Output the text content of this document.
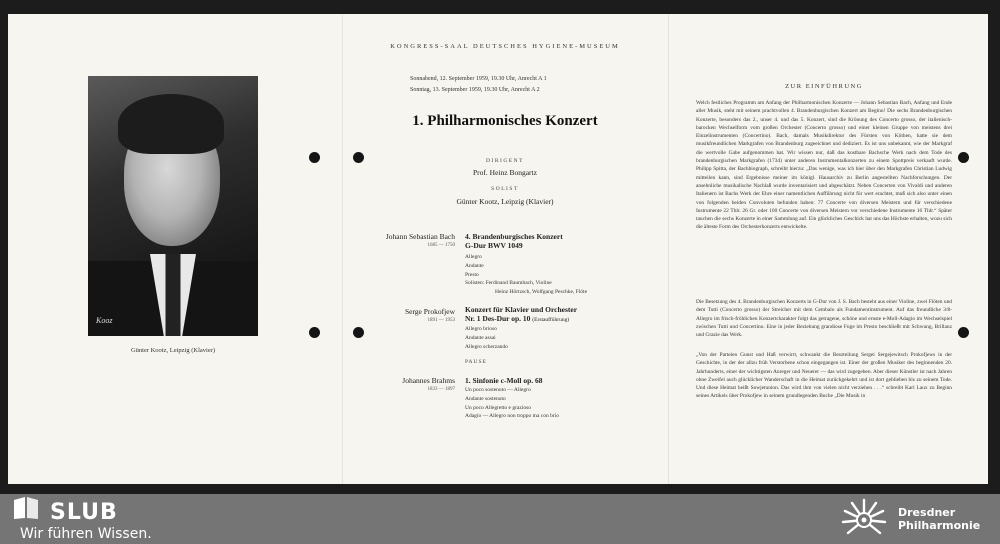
Kooz
Günter Kootz, Leipzig (Klavier)
KONGRESS-SAAL DEUTSCHES HYGIENE-MUSEUM
Sonnabend, 12. September 1959, 19.30 Uhr, Anrecht A 1
Sonntag, 13. September 1959, 19.30 Uhr, Anrecht A 2
1. Philharmonisches Konzert
DIRIGENT
Prof. Heinz Bongartz
SOLIST
Günter Kootz, Leipzig (Klavier)
Johann Sebastian Bach
1685 — 1750
4. Brandenburgisches Konzert
G-Dur BWV 1049
Allegro
Andante
Presto
Solisten: Ferdinand Baumbach, Violine
Heinz Hörtzsch, Wolfgang Peschke, Flöte
Serge Prokofjew
1891 — 1953
Konzert für Klavier und Orchester
Nr. 1 Des-Dur op. 10 (Erstaufführung)
Allegro brioso
Andante assai
Allegro scherzando
PAUSE
Johannes Brahms
1833 — 1897
1. Sinfonie c-Moll op. 68
Un poco sostenuto — Allegro
Andante sostenuto
Un poco Allegretto e grazioso
Adagio — Allegro non troppo ma con brio
ZUR EINFÜHRUNG
Welch festliches Programm am Anfang der Philharmonischen Konzerte — Johann Sebastian Bach, Anfang und Ende aller Musik, steht mit seinem prachtvollen 4. Brandenburgischen Konzert am Beginn! Die sechs Brandenburgischen Konzerte, besonders das 2., unser 4. und das 5. Konzert, sind die Krönung des Concerto grosso, der italienisch-barocken Wechselform vom großen Orchester (Concerto grosso) und einer kleinen Gruppe von meistens drei Einzelinstrumenten (Concertino). Bach, damals Musikdirektor des Fürsten von Köthen, hatte sie dem musikfreundlichen Markgrafen von Brandenburg zugeeichnet und dediziert. Es ist uns unbekannt, wie der Markgraf die wertvolle Gabe aufgenommen hat. Wir wissen nur, daß das kostbare Bachsche Werk nach dem Tode des brandenburgischen Markgrafen (1734) unter anderen Instrumentalkonzerten zu einem Spottpreis verkauft wurde. Philipp Spitta, der Bachbiograph, schreibt hierzu: „Das wenige, was ich hier über den Markgrafen Christian Ludwig mitteilen kann, sind Ergebnisse meiner im königl. Hausarchiv zu Berlin angestellten Nachforschungen. Der ansehnliche musikalische Nachlaß wurde inventarisiert und abgeschätzt. Neben Concerten von Vivaldi und anderen Italienern ist Bachs Werk der Ehre einer namentlichen Aufführung nicht für wert erachtet, muß sich also unter einen von folgenden beiden Convoluten befunden haben: 77 Concerte von diversen Meistern und für verschiedene Instrumente 22 Thlr. 26 Gr. oder 100 Concerte von diversen Meistern vor verschiedene Instrumente 16 Thlr.“ Später tauchen die sechs Konzerte in einer Sammlung auf. Ein glückliches Geschick hat uns das Höchste erhalten, wozu sich die älteste Form des Orchesterkonzerts entwickelte.
Die Besetzung des 4. Brandenburgischen Konzerts in G-Dur von J. S. Bach besteht aus einer Violine, zwei Flöten und dem Tutti (Concerto grosso) der Streicher mit dem Cembalo als Fundamentinstrument. Auf das freundliche 3/8-Allegro im frisch-fröhlichen Konzertcharakter folgt das getragene, schöne und ernste e-Moll-Adagio im Wechselspiel zwischen Tutti und Concertino. Eine in jeder Beziehung grandiose Fuge im Presto beschließt mit Schwung, Brillanz und Grazie das Werk.
„Von der Parteien Gunst und Haß verwirrt, schwankt die Beurteilung Sergei Sergejewitsch Prokofjews in der Geschichte, in der der allzu früh Verstorbene schon eingegangen ist. Einer der großen Musiker des beginnenden 20. Jahrhunderts, einer der wichtigsten Anreger und Neuerer — das wird zugegeben. Aber dieser Künstler ist nach Jahren ohne Zweifel auch glücklicher Wanderschaft in die Heimat zurückgekehrt und ist dort geblieben bis zu seinem Tode. Und diese Heimat heißt Sowjetunion. Das wird ihm von vielen nicht verziehen . . .“ schreibt Karl Laux zu Beginn seines Artikels über Prokofjew in seinem grundlegenden Buche „Die Musik in
SLUB
Wir führen Wissen.
Dresdner
Philharmonie
